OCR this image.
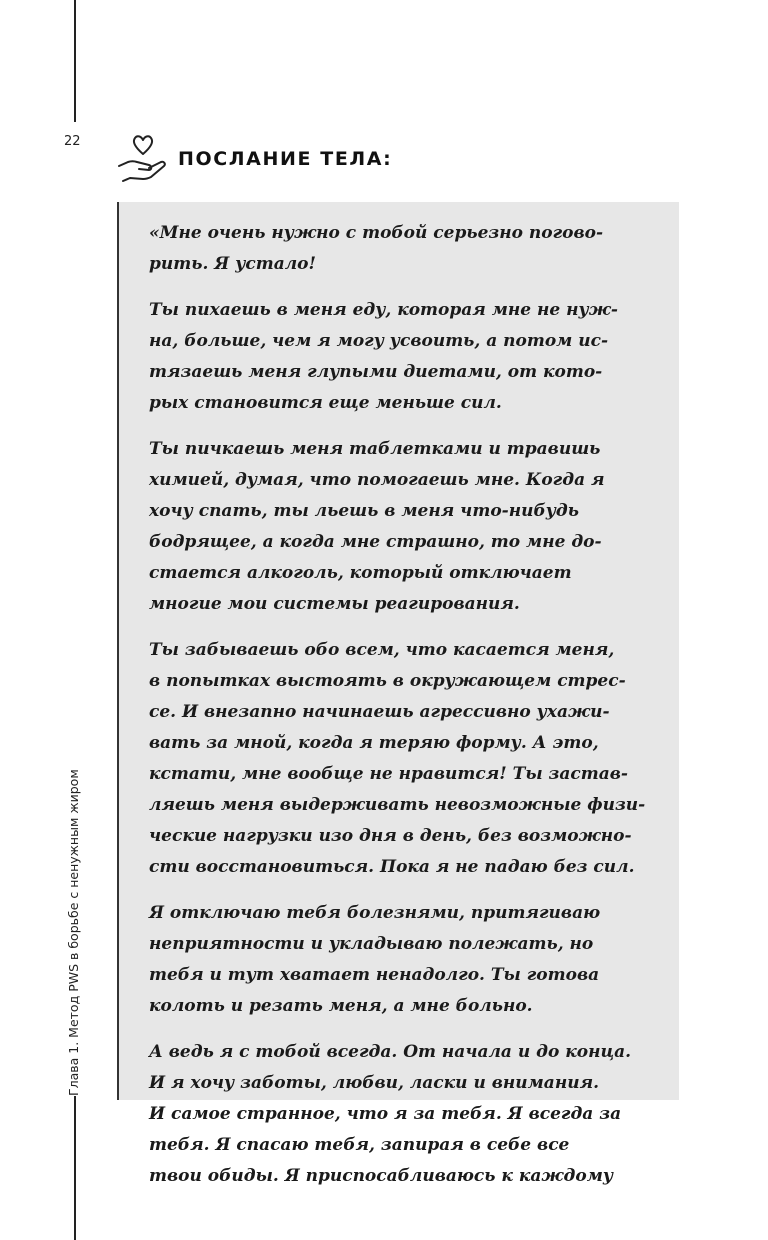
22
Глава 1. Метод PWS в борьбе с ненужным жиром
ПОСЛАНИЕ ТЕЛА:

«Мне очень нужно с тобой серьезно погово-
рить. Я устало!

Ты пихаешь в меня еду, которая мне не нуж-
на, больше, чем я могу усвоить, а потом ис-
тязаешь меня глупыми диетами, от кото-
рых становится еще меньше сил.

Ты пичкаешь меня таблетками и травишь
химией, думая, что помогаешь мне. Когда я
хочу спать, ты льешь в меня что-нибудь
бодрящее, а когда мне страшно, то мне до-
стается алкоголь, который отключает
многие мои системы реагирования.

Ты забываешь обо всем, что касается меня,
в попытках выстоять в окружающем стрес-
се. И внезапно начинаешь агрессивно ухажи-
вать за мной, когда я теряю форму. А это,
кстати, мне вообще не нравится! Ты застав-
ляешь меня выдерживать невозможные физи-
ческие нагрузки изо дня в день, без возможно-
сти восстановиться. Пока я не падаю без сил.

Я отключаю тебя болезнями, притягиваю
неприятности и укладываю полежать, но
тебя и тут хватает ненадолго. Ты готова
колоть и резать меня, а мне больно.

А ведь я с тобой всегда. От начала и до конца.
И я хочу заботы, любви, ласки и внимания.
И самое странное, что я за тебя. Я всегда за
тебя. Я спасаю тебя, запирая в себе все
твои обиды. Я приспосабливаюсь к каждому
